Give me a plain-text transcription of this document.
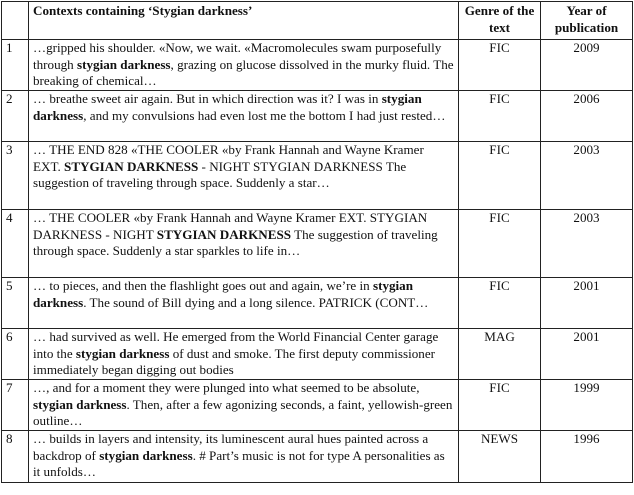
	Contexts containing ‘Stygian darkness’	Genre of the text	Year of publication
1	…gripped his shoulder. «Now, we wait. «Macromolecules swam purposefully through stygian darkness, grazing on glucose dissolved in the murky fluid. The breaking of chemical…	FIC	2009
2	… breathe sweet air again. But in which direction was it? I was in stygian darkness, and my convulsions had even lost me the bottom I had just rested…	FIC	2006
3	… THE END 828 «THE COOLER «by Frank Hannah and Wayne Kramer EXT. STYGIAN DARKNESS - NIGHT STYGIAN DARKNESS The suggestion of traveling through space. Suddenly a star…	FIC	2003
4	… THE COOLER «by Frank Hannah and Wayne Kramer EXT. STYGIAN DARKNESS - NIGHT STYGIAN DARKNESS The suggestion of traveling through space. Suddenly a star sparkles to life in…	FIC	2003
5	… to pieces, and then the flashlight goes out and again, we’re in stygian darkness. The sound of Bill dying and a long silence. PATRICK (CONT…	FIC	2001
6	… had survived as well. He emerged from the World Financial Center garage into the stygian darkness of dust and smoke. The first deputy commissioner immediately began digging out bodies	MAG	2001
7	…, and for a moment they were plunged into what seemed to be absolute, stygian darkness. Then, after a few agonizing seconds, a faint, yellowish-green outline…	FIC	1999
8	… builds in layers and intensity, its luminescent aural hues painted across a backdrop of stygian darkness. # Part’s music is not for type A personalities as it unfolds…	NEWS	1996
